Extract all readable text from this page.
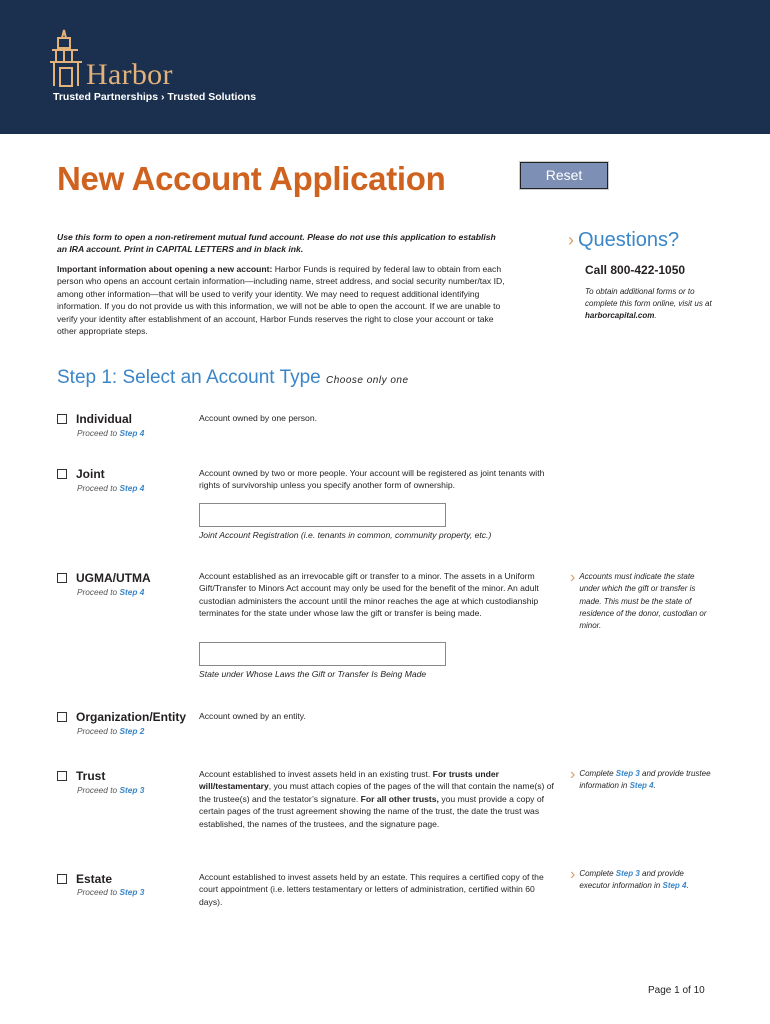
Harbor
Trusted Partnerships › Trusted Solutions
New Account Application	Reset
Use this form to open a non-retirement mutual fund account. Please do not use this application to establish an IRA account. Print in CAPITAL LETTERS and in black ink.
Important information about opening a new account: Harbor Funds is required by federal law to obtain from each person who opens an account certain information—including name, street address, and social security number/tax ID, among other information—that will be used to verify your identity. We may need to request additional identifying information. If you do not provide us with this information, we will not be able to open the account. If we are unable to verify your identity after establishment of an account, Harbor Funds reserves the right to close your account or take other appropriate steps.
› Questions?
Call 800-422-1050
To obtain additional forms or to complete this form online, visit us at harborcapital.com.
Step 1: Select an Account Type Choose only one
Individual
Proceed to Step 4
Account owned by one person.
Joint
Proceed to Step 4
Account owned by two or more people. Your account will be registered as joint tenants with rights of survivorship unless you specify another form of ownership.
Joint Account Registration (i.e. tenants in common, community property, etc.)
UGMA/UTMA
Proceed to Step 4
Account established as an irrevocable gift or transfer to a minor. The assets in a Uniform Gift/Transfer to Minors Act account may only be used for the benefit of the minor. An adult custodian administers the account until the minor reaches the age at which custodianship terminates for the state under whose law the gift or transfer is being made.
› Accounts must indicate the state under which the gift or transfer is made. This must be the state of residence of the donor, custodian or minor.
State under Whose Laws the Gift or Transfer Is Being Made
Organization/Entity
Proceed to Step 2
Account owned by an entity.
Trust
Proceed to Step 3
Account established to invest assets held in an existing trust. For trusts under will/testamentary, you must attach copies of the pages of the will that contain the name(s) of the trustee(s) and the testator’s signature. For all other trusts, you must provide a copy of certain pages of the trust agreement showing the name of the trust, the date the trust was established, the names of the trustees, and the signature page.
› Complete Step 3 and provide trustee information in Step 4.
Estate
Proceed to Step 3
Account established to invest assets held by an estate. This requires a certified copy of the court appointment (i.e. letters testamentary or letters of administration, certified within 60 days).
› Complete Step 3 and provide executor information in Step 4.
Page 1 of 10
